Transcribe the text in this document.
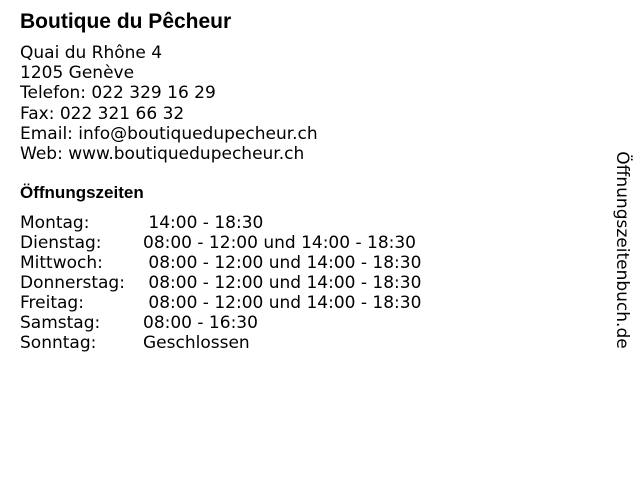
Boutique du Pêcheur
Quai du Rhône 4
1205 Genève
Telefon: 022 329 16 29
Fax: 022 321 66 32
Email: info@boutiquedupecheur.ch
Web: www.boutiquedupecheur.ch
Öffnungszeiten
Montag:	14:00 - 18:30
Dienstag: 08:00 - 12:00 und 14:00 - 18:30
Mittwoch: 08:00 - 12:00 und 14:00 - 18:30
Donnerstag: 08:00 - 12:00 und 14:00 - 18:30
Freitag:	08:00 - 12:00 und 14:00 - 18:30
Samstag:	08:00 - 16:30
Sonntag:	Geschlossen	Öffnungszeitenbuch.de
